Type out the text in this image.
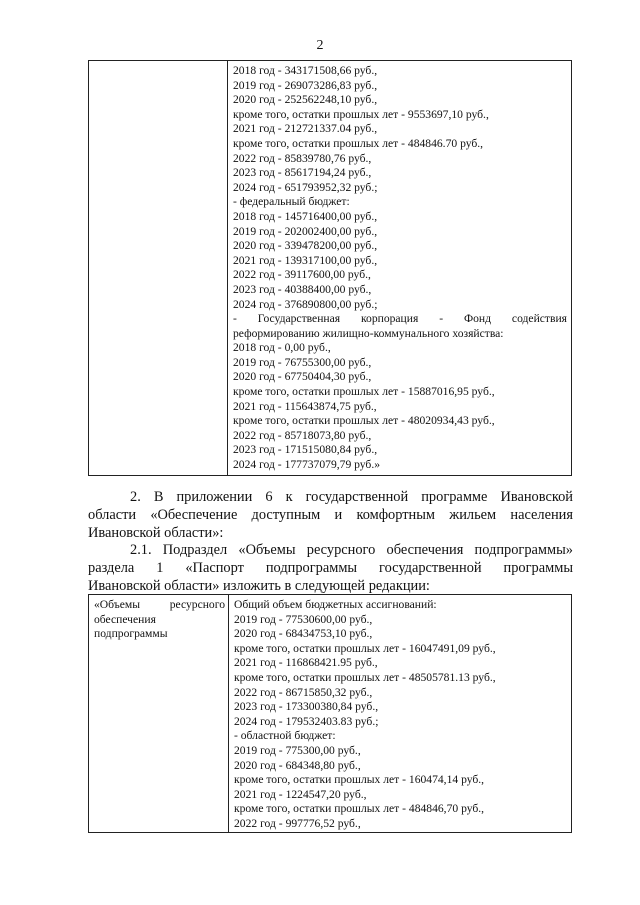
2

2018 год - 343171508,66 руб.,
2019 год - 269073286,83 руб.,
2020 год - 252562248,10 руб.,
кроме того, остатки прошлых лет - 9553697,10 руб.,
2021 год - 212721337.04 руб.,
кроме того, остатки прошлых лет - 484846.70 руб.,
2022 год - 85839780,76 руб.,
2023 год - 85617194,24 руб.,
2024 год - 651793952,32 руб.;
- федеральный бюджет:
2018 год - 145716400,00 руб.,
2019 год - 202002400,00 руб.,
2020 год - 339478200,00 руб.,
2021 год - 139317100,00 руб.,
2022 год - 39117600,00 руб.,
2023 год - 40388400,00 руб.,
2024 год - 376890800,00 руб.;
- Государственная корпорация - Фонд содействия
реформированию жилищно-коммунального хозяйства:
2018 год - 0,00 руб.,
2019 год - 76755300,00 руб.,
2020 год - 67750404,30 руб.,
кроме того, остатки прошлых лет - 15887016,95 руб.,
2021 год - 115643874,75 руб.,
кроме того, остатки прошлых лет - 48020934,43 руб.,
2022 год - 85718073,80 руб.,
2023 год - 171515080,84 руб.,
2024 год - 177737079,79 руб.»
2. В приложении 6 к государственной программе Ивановской
области «Обеспечение доступным и комфортным жильем населения
Ивановской области»:
2.1. Подраздел «Объемы ресурсного обеспечения подпрограммы»
раздела 1 «Паспорт подпрограммы государственной программы
Ивановской области» изложить в следующей редакции:
«Объемы ресурсного
обеспечения
подпрограммы

Общий объем бюджетных ассигнований:
2019 год - 77530600,00 руб.,
2020 год - 68434753,10 руб.,
кроме того, остатки прошлых лет - 16047491,09 руб.,
2021 год - 116868421.95 руб.,
кроме того, остатки прошлых лет - 48505781.13 руб.,
2022 год - 86715850,32 руб.,
2023 год - 173300380,84 руб.,
2024 год - 179532403.83 руб.;
- областной бюджет:
2019 год - 775300,00 руб.,
2020 год - 684348,80 руб.,
кроме того, остатки прошлых лет - 160474,14 руб.,
2021 год - 1224547,20 руб.,
кроме того, остатки прошлых лет - 484846,70 руб.,
2022 год - 997776,52 руб.,
